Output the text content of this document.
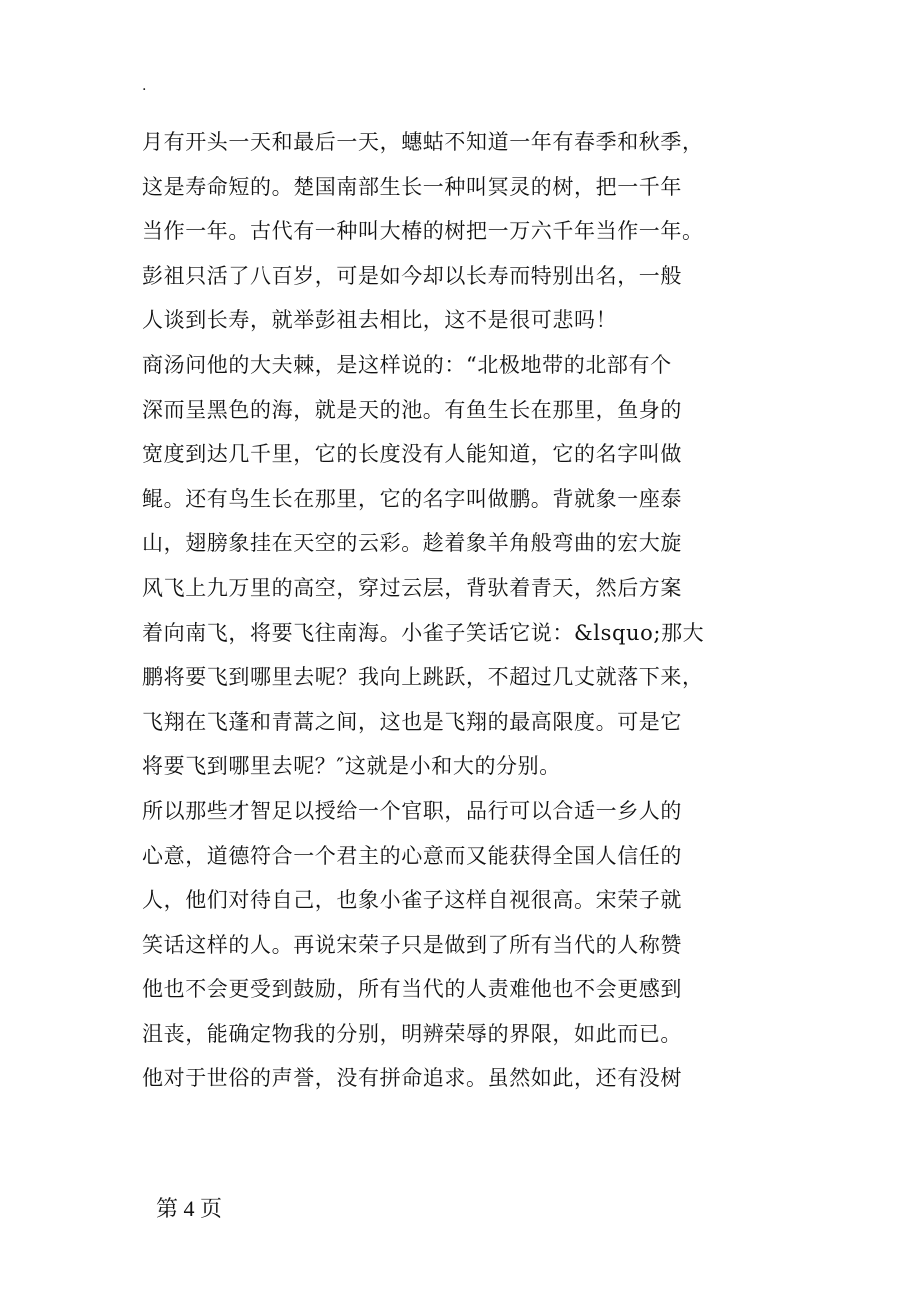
.
月有开头一天和最后一天，蟪蛄不知道一年有春季和秋季，
这是寿命短的。楚国南部生长一种叫冥灵的树，把一千年
当作一年。古代有一种叫大椿的树把一万六千年当作一年。
彭祖只活了八百岁，可是如今却以长寿而特别出名，一般
人谈到长寿，就举彭祖去相比，这不是很可悲吗！
商汤问他的大夫棘，是这样说的：“北极地带的北部有个
深而呈黑色的海，就是天的池。有鱼生长在那里，鱼身的
宽度到达几千里，它的长度没有人能知道，它的名字叫做
鲲。还有鸟生长在那里，它的名字叫做鹏。背就象一座泰
山，翅膀象挂在天空的云彩。趁着象羊角般弯曲的宏大旋
风飞上九万里的高空，穿过云层，背驮着青天，然后方案
着向南飞，将要飞往南海。小雀子笑话它说：&lsquo;那大
鹏将要飞到哪里去呢？我向上跳跃，不超过几丈就落下来，
飞翔在飞蓬和青蒿之间，这也是飞翔的最高限度。可是它
将要飞到哪里去呢？″这就是小和大的分别。
所以那些才智足以授给一个官职，品行可以合适一乡人的
心意，道德符合一个君主的心意而又能获得全国人信任的
人，他们对待自己，也象小雀子这样自视很高。宋荣子就
笑话这样的人。再说宋荣子只是做到了所有当代的人称赞
他也不会更受到鼓励，所有当代的人责难他也不会更感到
沮丧，能确定物我的分别，明辨荣辱的界限，如此而已。
他对于世俗的声誉，没有拼命追求。虽然如此，还有没树
第 4 页
